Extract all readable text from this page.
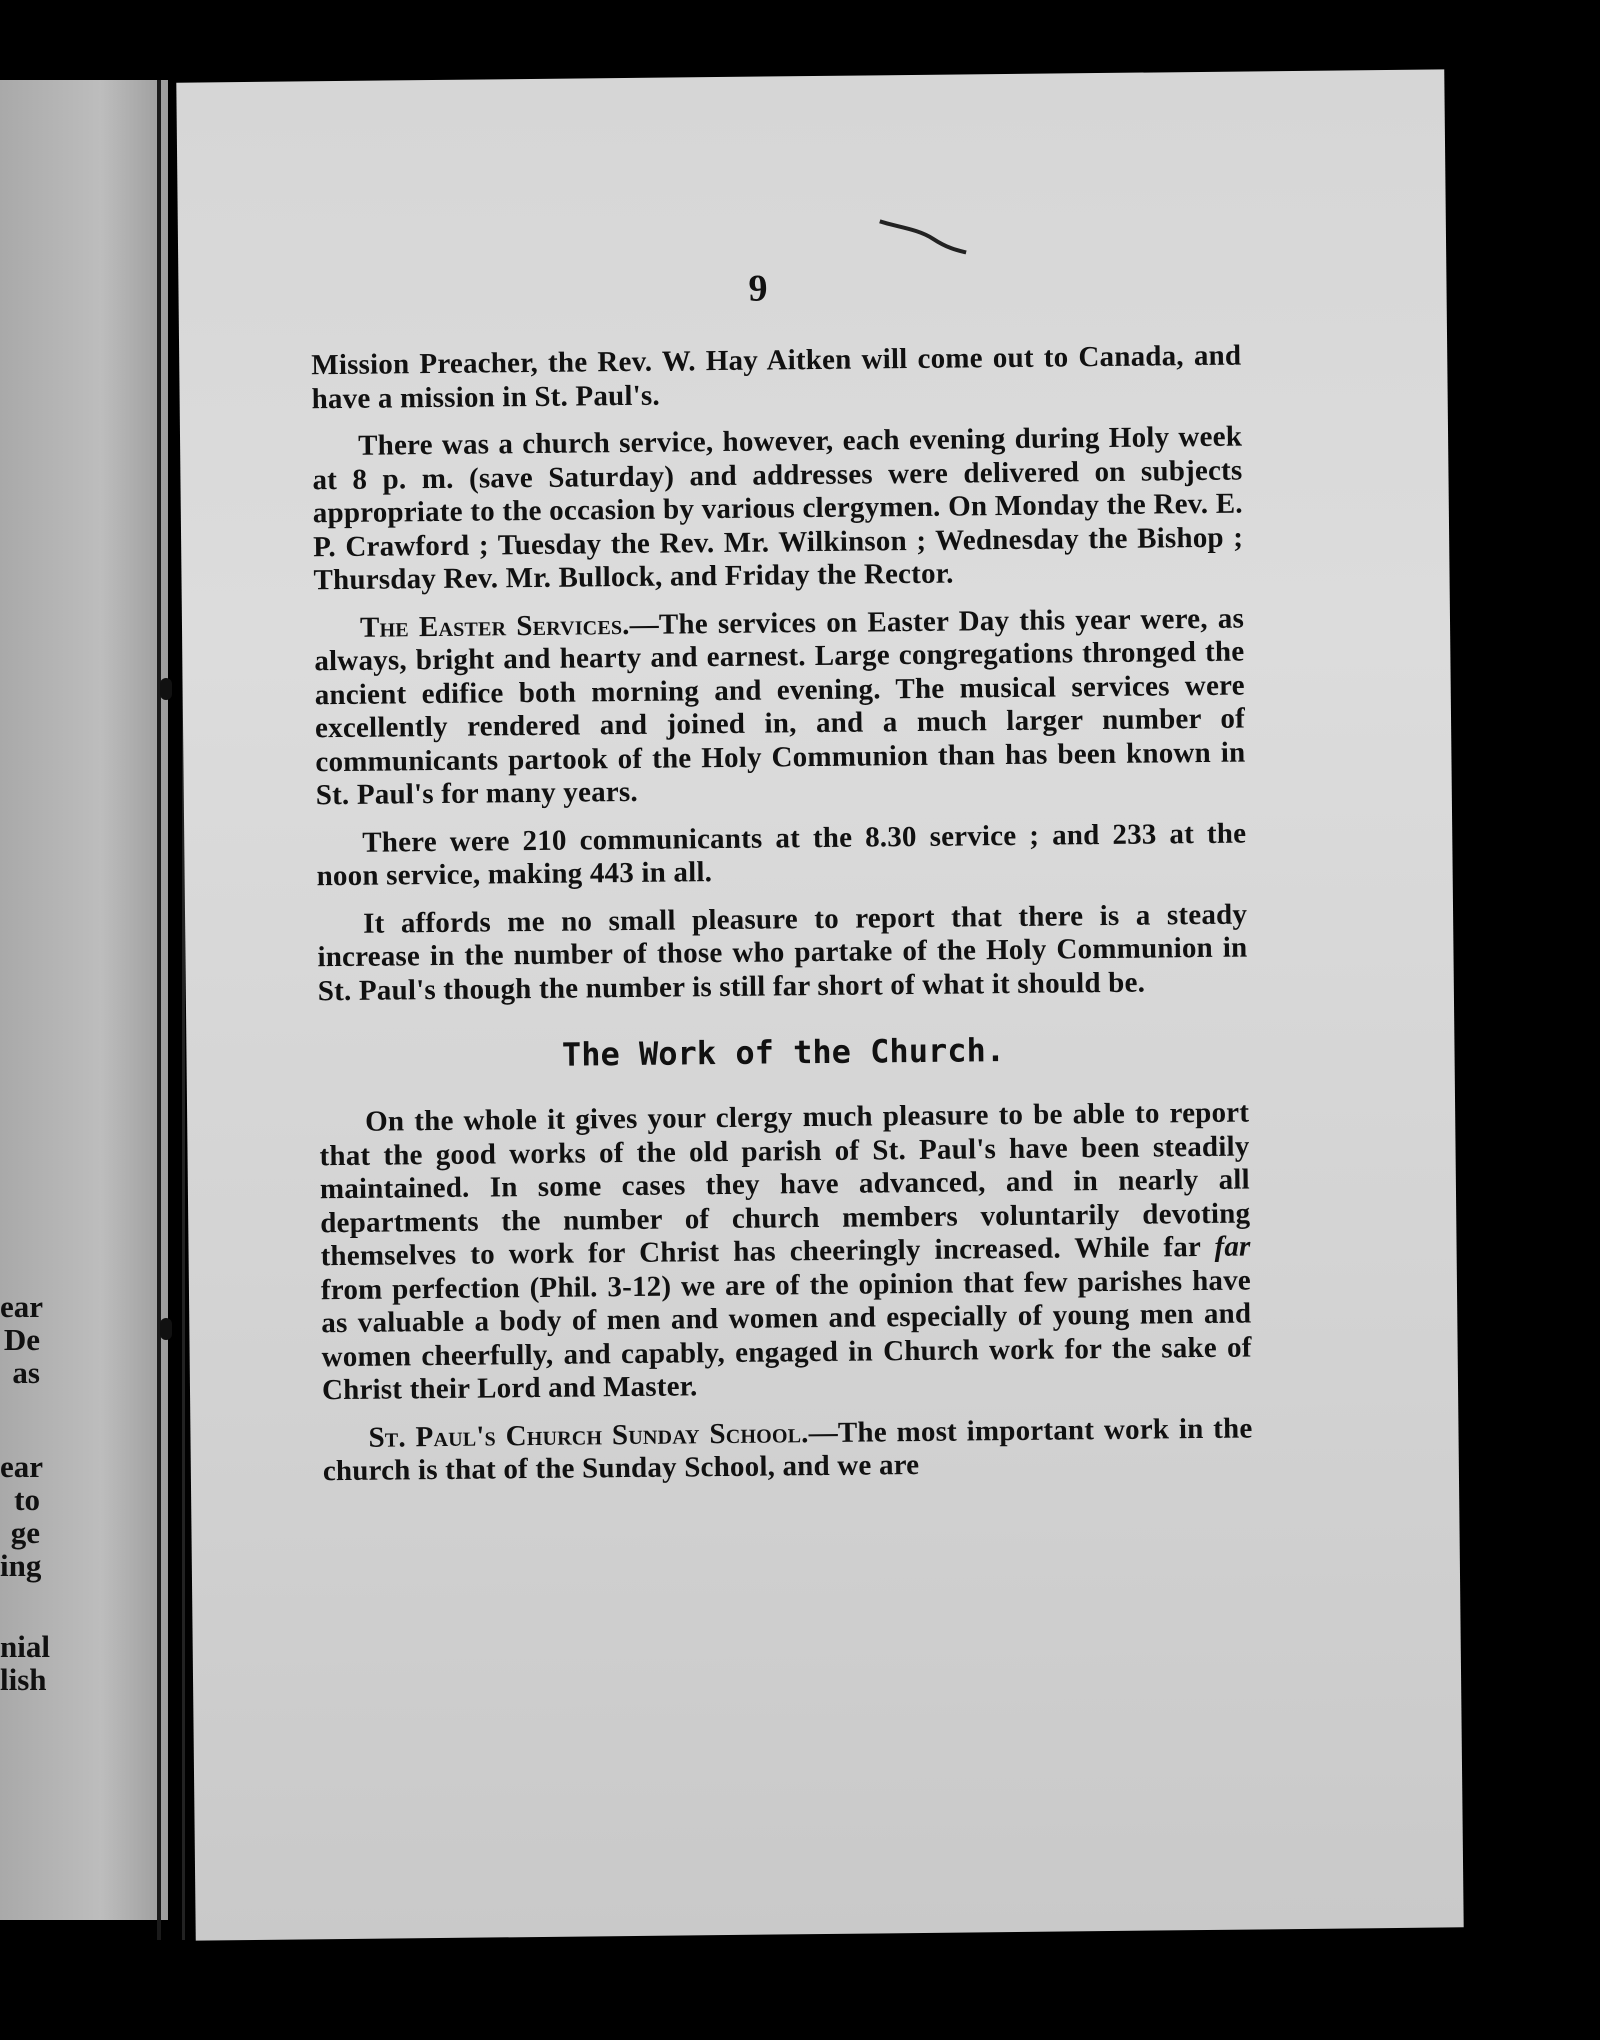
ear
De
as
ear
to
ge
ing
nial
lish
9

Mission Preacher, the Rev. W. Hay Aitken will come out to Canada, and have a mission in St. Paul's.

There was a church service, however, each evening during Holy week at 8 p. m. (save Saturday) and addresses were delivered on subjects appropriate to the occasion by various clergymen. On Monday the Rev. E. P. Crawford ; Tuesday the Rev. Mr. Wilkinson ; Wednesday the Bishop ; Thursday Rev. Mr. Bullock, and Friday the Rector.

The Easter Services.—The services on Easter Day this year were, as always, bright and hearty and earnest. Large congregations thronged the ancient edifice both morning and evening. The musical services were excellently rendered and joined in, and a much larger number of communicants partook of the Holy Communion than has been known in St. Paul's for many years.

There were 210 communicants at the 8.30 service ; and 233 at the noon service, making 443 in all.

It affords me no small pleasure to report that there is a steady increase in the number of those who partake of the Holy Communion in St. Paul's though the number is still far short of what it should be.

The Work of the Church.

On the whole it gives your clergy much pleasure to be able to report that the good works of the old parish of St. Paul's have been steadily maintained. In some cases they have advanced, and in nearly all departments the number of church members voluntarily devoting themselves to work for Christ has cheeringly increased. While far far from perfection (Phil. 3-12) we are of the opinion that few parishes have as valuable a body of men and women and especially of young men and women cheerfully, and capably, engaged in Church work for the sake of Christ their Lord and Master.

St. Paul's Church Sunday School.—The most important work in the church is that of the Sunday School, and we are
